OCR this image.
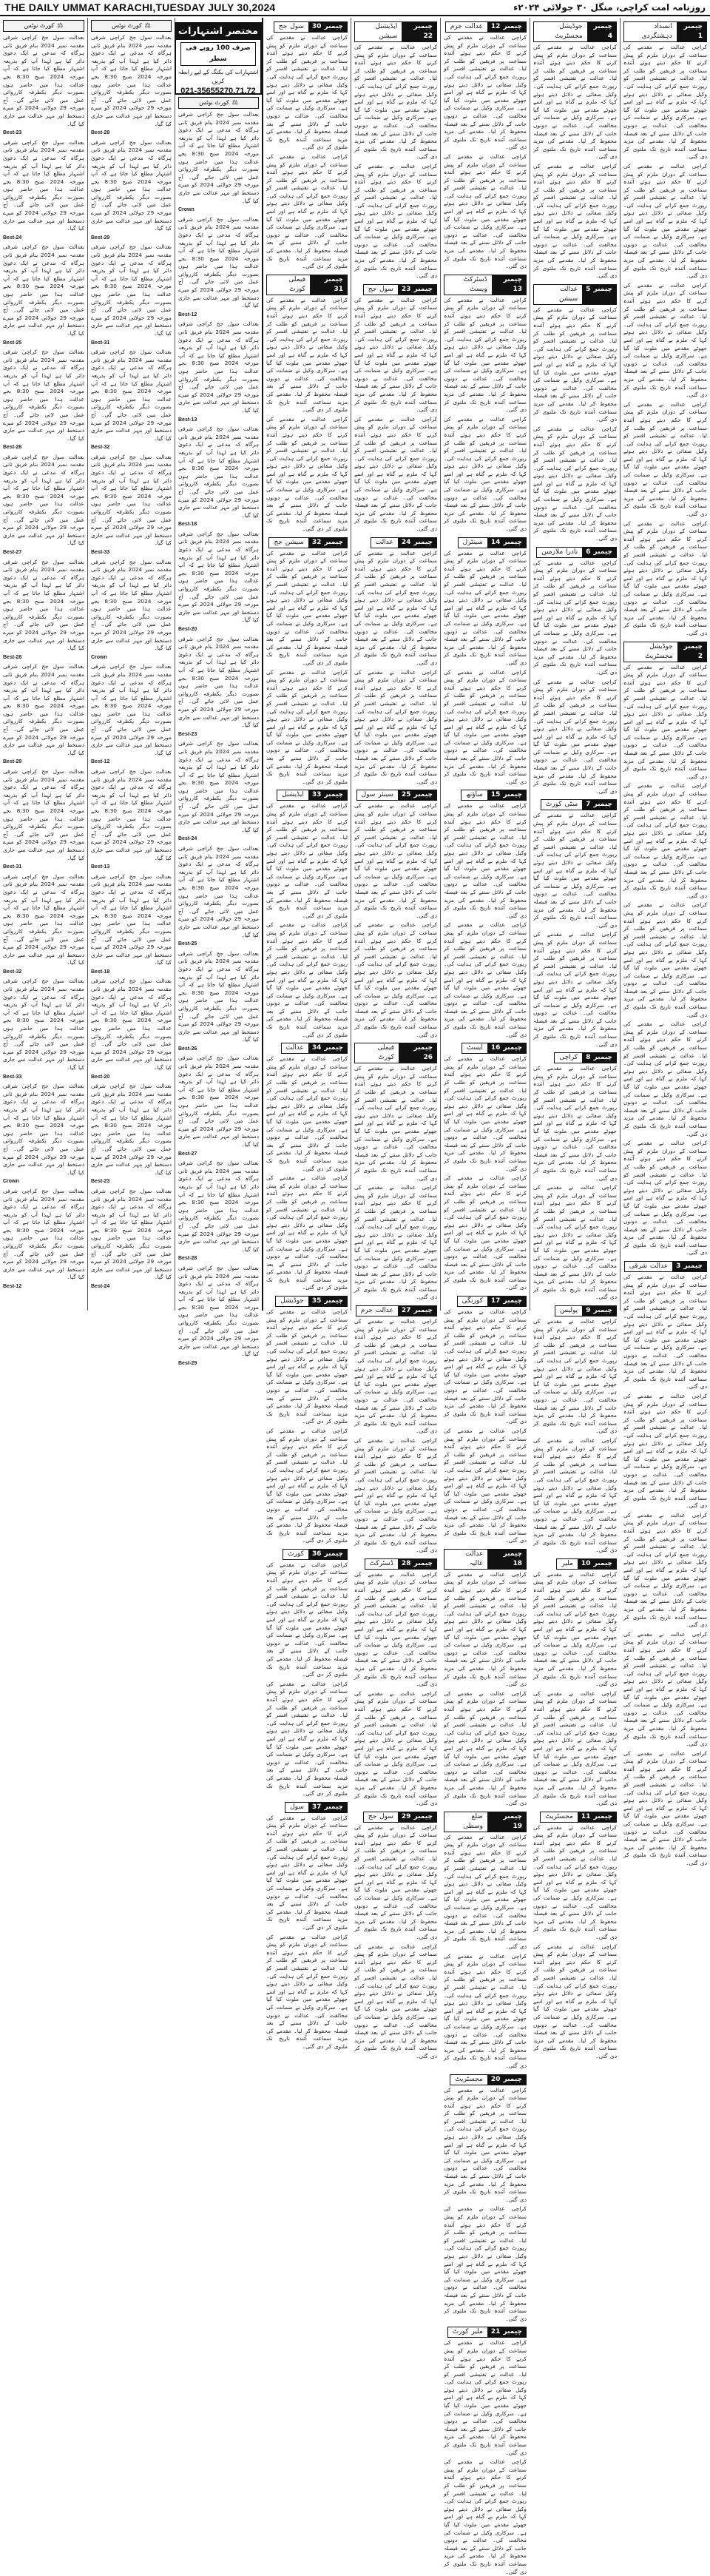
THE DAILY UMMAT KARACHI,TUESDAY JULY 30,2024	روزنامہ امت کراچی، منگل ۳۰ جولائی ۲۰۲۴ء
⚖کورٹ نوٹس

بعدالت سول جج کراچی شرقی مقدمہ نمبر 2024 بنام فریق ثانی ہرگاہ کہ مدعی نے ایک دعویٰ دائر کیا ہے لہذا آپ کو بذریعہ اشتہار مطلع کیا جاتا ہے کہ آپ مورخہ 2024 صبح 8:30 بجے عدالت ہذا میں حاضر ہوں بصورت دیگر یکطرفہ کارروائی عمل میں لائی جائے گی۔ آج مورخہ 29 جولائی 2024 کو میرے دستخط اور مہر عدالت سے جاری کیا گیا۔

Best-23

بعدالت سول جج کراچی شرقی مقدمہ نمبر 2024 بنام فریق ثانی ہرگاہ کہ مدعی نے ایک دعویٰ دائر کیا ہے لہذا آپ کو بذریعہ اشتہار مطلع کیا جاتا ہے کہ آپ مورخہ 2024 صبح 8:30 بجے عدالت ہذا میں حاضر ہوں بصورت دیگر یکطرفہ کارروائی عمل میں لائی جائے گی۔ آج مورخہ 29 جولائی 2024 کو میرے دستخط اور مہر عدالت سے جاری کیا گیا۔

Best-24

بعدالت سول جج کراچی شرقی مقدمہ نمبر 2024 بنام فریق ثانی ہرگاہ کہ مدعی نے ایک دعویٰ دائر کیا ہے لہذا آپ کو بذریعہ اشتہار مطلع کیا جاتا ہے کہ آپ مورخہ 2024 صبح 8:30 بجے عدالت ہذا میں حاضر ہوں بصورت دیگر یکطرفہ کارروائی عمل میں لائی جائے گی۔ آج مورخہ 29 جولائی 2024 کو میرے دستخط اور مہر عدالت سے جاری کیا گیا۔

Best-25

بعدالت سول جج کراچی شرقی مقدمہ نمبر 2024 بنام فریق ثانی ہرگاہ کہ مدعی نے ایک دعویٰ دائر کیا ہے لہذا آپ کو بذریعہ اشتہار مطلع کیا جاتا ہے کہ آپ مورخہ 2024 صبح 8:30 بجے عدالت ہذا میں حاضر ہوں بصورت دیگر یکطرفہ کارروائی عمل میں لائی جائے گی۔ آج مورخہ 29 جولائی 2024 کو میرے دستخط اور مہر عدالت سے جاری کیا گیا۔

Best-26

بعدالت سول جج کراچی شرقی مقدمہ نمبر 2024 بنام فریق ثانی ہرگاہ کہ مدعی نے ایک دعویٰ دائر کیا ہے لہذا آپ کو بذریعہ اشتہار مطلع کیا جاتا ہے کہ آپ مورخہ 2024 صبح 8:30 بجے عدالت ہذا میں حاضر ہوں بصورت دیگر یکطرفہ کارروائی عمل میں لائی جائے گی۔ آج مورخہ 29 جولائی 2024 کو میرے دستخط اور مہر عدالت سے جاری کیا گیا۔

Best-27

بعدالت سول جج کراچی شرقی مقدمہ نمبر 2024 بنام فریق ثانی ہرگاہ کہ مدعی نے ایک دعویٰ دائر کیا ہے لہذا آپ کو بذریعہ اشتہار مطلع کیا جاتا ہے کہ آپ مورخہ 2024 صبح 8:30 بجے عدالت ہذا میں حاضر ہوں بصورت دیگر یکطرفہ کارروائی عمل میں لائی جائے گی۔ آج مورخہ 29 جولائی 2024 کو میرے دستخط اور مہر عدالت سے جاری کیا گیا۔

Best-28

بعدالت سول جج کراچی شرقی مقدمہ نمبر 2024 بنام فریق ثانی ہرگاہ کہ مدعی نے ایک دعویٰ دائر کیا ہے لہذا آپ کو بذریعہ اشتہار مطلع کیا جاتا ہے کہ آپ مورخہ 2024 صبح 8:30 بجے عدالت ہذا میں حاضر ہوں بصورت دیگر یکطرفہ کارروائی عمل میں لائی جائے گی۔ آج مورخہ 29 جولائی 2024 کو میرے دستخط اور مہر عدالت سے جاری کیا گیا۔

Best-29

بعدالت سول جج کراچی شرقی مقدمہ نمبر 2024 بنام فریق ثانی ہرگاہ کہ مدعی نے ایک دعویٰ دائر کیا ہے لہذا آپ کو بذریعہ اشتہار مطلع کیا جاتا ہے کہ آپ مورخہ 2024 صبح 8:30 بجے عدالت ہذا میں حاضر ہوں بصورت دیگر یکطرفہ کارروائی عمل میں لائی جائے گی۔ آج مورخہ 29 جولائی 2024 کو میرے دستخط اور مہر عدالت سے جاری کیا گیا۔

Best-31

بعدالت سول جج کراچی شرقی مقدمہ نمبر 2024 بنام فریق ثانی ہرگاہ کہ مدعی نے ایک دعویٰ دائر کیا ہے لہذا آپ کو بذریعہ اشتہار مطلع کیا جاتا ہے کہ آپ مورخہ 2024 صبح 8:30 بجے عدالت ہذا میں حاضر ہوں بصورت دیگر یکطرفہ کارروائی عمل میں لائی جائے گی۔ آج مورخہ 29 جولائی 2024 کو میرے دستخط اور مہر عدالت سے جاری کیا گیا۔

Best-32

بعدالت سول جج کراچی شرقی مقدمہ نمبر 2024 بنام فریق ثانی ہرگاہ کہ مدعی نے ایک دعویٰ دائر کیا ہے لہذا آپ کو بذریعہ اشتہار مطلع کیا جاتا ہے کہ آپ مورخہ 2024 صبح 8:30 بجے عدالت ہذا میں حاضر ہوں بصورت دیگر یکطرفہ کارروائی عمل میں لائی جائے گی۔ آج مورخہ 29 جولائی 2024 کو میرے دستخط اور مہر عدالت سے جاری کیا گیا۔

Best-33

بعدالت سول جج کراچی شرقی مقدمہ نمبر 2024 بنام فریق ثانی ہرگاہ کہ مدعی نے ایک دعویٰ دائر کیا ہے لہذا آپ کو بذریعہ اشتہار مطلع کیا جاتا ہے کہ آپ مورخہ 2024 صبح 8:30 بجے عدالت ہذا میں حاضر ہوں بصورت دیگر یکطرفہ کارروائی عمل میں لائی جائے گی۔ آج مورخہ 29 جولائی 2024 کو میرے دستخط اور مہر عدالت سے جاری کیا گیا۔

Crown

بعدالت سول جج کراچی شرقی مقدمہ نمبر 2024 بنام فریق ثانی ہرگاہ کہ مدعی نے ایک دعویٰ دائر کیا ہے لہذا آپ کو بذریعہ اشتہار مطلع کیا جاتا ہے کہ آپ مورخہ 2024 صبح 8:30 بجے عدالت ہذا میں حاضر ہوں بصورت دیگر یکطرفہ کارروائی عمل میں لائی جائے گی۔ آج مورخہ 29 جولائی 2024 کو میرے دستخط اور مہر عدالت سے جاری کیا گیا۔

Best-12
⚖کورٹ نوٹس

بعدالت سول جج کراچی شرقی مقدمہ نمبر 2024 بنام فریق ثانی ہرگاہ کہ مدعی نے ایک دعویٰ دائر کیا ہے لہذا آپ کو بذریعہ اشتہار مطلع کیا جاتا ہے کہ آپ مورخہ 2024 صبح 8:30 بجے عدالت ہذا میں حاضر ہوں بصورت دیگر یکطرفہ کارروائی عمل میں لائی جائے گی۔ آج مورخہ 29 جولائی 2024 کو میرے دستخط اور مہر عدالت سے جاری کیا گیا۔

Best-28

بعدالت سول جج کراچی شرقی مقدمہ نمبر 2024 بنام فریق ثانی ہرگاہ کہ مدعی نے ایک دعویٰ دائر کیا ہے لہذا آپ کو بذریعہ اشتہار مطلع کیا جاتا ہے کہ آپ مورخہ 2024 صبح 8:30 بجے عدالت ہذا میں حاضر ہوں بصورت دیگر یکطرفہ کارروائی عمل میں لائی جائے گی۔ آج مورخہ 29 جولائی 2024 کو میرے دستخط اور مہر عدالت سے جاری کیا گیا۔

Best-29

بعدالت سول جج کراچی شرقی مقدمہ نمبر 2024 بنام فریق ثانی ہرگاہ کہ مدعی نے ایک دعویٰ دائر کیا ہے لہذا آپ کو بذریعہ اشتہار مطلع کیا جاتا ہے کہ آپ مورخہ 2024 صبح 8:30 بجے عدالت ہذا میں حاضر ہوں بصورت دیگر یکطرفہ کارروائی عمل میں لائی جائے گی۔ آج مورخہ 29 جولائی 2024 کو میرے دستخط اور مہر عدالت سے جاری کیا گیا۔

Best-31

بعدالت سول جج کراچی شرقی مقدمہ نمبر 2024 بنام فریق ثانی ہرگاہ کہ مدعی نے ایک دعویٰ دائر کیا ہے لہذا آپ کو بذریعہ اشتہار مطلع کیا جاتا ہے کہ آپ مورخہ 2024 صبح 8:30 بجے عدالت ہذا میں حاضر ہوں بصورت دیگر یکطرفہ کارروائی عمل میں لائی جائے گی۔ آج مورخہ 29 جولائی 2024 کو میرے دستخط اور مہر عدالت سے جاری کیا گیا۔

Best-32

بعدالت سول جج کراچی شرقی مقدمہ نمبر 2024 بنام فریق ثانی ہرگاہ کہ مدعی نے ایک دعویٰ دائر کیا ہے لہذا آپ کو بذریعہ اشتہار مطلع کیا جاتا ہے کہ آپ مورخہ 2024 صبح 8:30 بجے عدالت ہذا میں حاضر ہوں بصورت دیگر یکطرفہ کارروائی عمل میں لائی جائے گی۔ آج مورخہ 29 جولائی 2024 کو میرے دستخط اور مہر عدالت سے جاری کیا گیا۔

Best-33

بعدالت سول جج کراچی شرقی مقدمہ نمبر 2024 بنام فریق ثانی ہرگاہ کہ مدعی نے ایک دعویٰ دائر کیا ہے لہذا آپ کو بذریعہ اشتہار مطلع کیا جاتا ہے کہ آپ مورخہ 2024 صبح 8:30 بجے عدالت ہذا میں حاضر ہوں بصورت دیگر یکطرفہ کارروائی عمل میں لائی جائے گی۔ آج مورخہ 29 جولائی 2024 کو میرے دستخط اور مہر عدالت سے جاری کیا گیا۔

Crown

بعدالت سول جج کراچی شرقی مقدمہ نمبر 2024 بنام فریق ثانی ہرگاہ کہ مدعی نے ایک دعویٰ دائر کیا ہے لہذا آپ کو بذریعہ اشتہار مطلع کیا جاتا ہے کہ آپ مورخہ 2024 صبح 8:30 بجے عدالت ہذا میں حاضر ہوں بصورت دیگر یکطرفہ کارروائی عمل میں لائی جائے گی۔ آج مورخہ 29 جولائی 2024 کو میرے دستخط اور مہر عدالت سے جاری کیا گیا۔

Best-12

بعدالت سول جج کراچی شرقی مقدمہ نمبر 2024 بنام فریق ثانی ہرگاہ کہ مدعی نے ایک دعویٰ دائر کیا ہے لہذا آپ کو بذریعہ اشتہار مطلع کیا جاتا ہے کہ آپ مورخہ 2024 صبح 8:30 بجے عدالت ہذا میں حاضر ہوں بصورت دیگر یکطرفہ کارروائی عمل میں لائی جائے گی۔ آج مورخہ 29 جولائی 2024 کو میرے دستخط اور مہر عدالت سے جاری کیا گیا۔

Best-13

بعدالت سول جج کراچی شرقی مقدمہ نمبر 2024 بنام فریق ثانی ہرگاہ کہ مدعی نے ایک دعویٰ دائر کیا ہے لہذا آپ کو بذریعہ اشتہار مطلع کیا جاتا ہے کہ آپ مورخہ 2024 صبح 8:30 بجے عدالت ہذا میں حاضر ہوں بصورت دیگر یکطرفہ کارروائی عمل میں لائی جائے گی۔ آج مورخہ 29 جولائی 2024 کو میرے دستخط اور مہر عدالت سے جاری کیا گیا۔

Best-18

بعدالت سول جج کراچی شرقی مقدمہ نمبر 2024 بنام فریق ثانی ہرگاہ کہ مدعی نے ایک دعویٰ دائر کیا ہے لہذا آپ کو بذریعہ اشتہار مطلع کیا جاتا ہے کہ آپ مورخہ 2024 صبح 8:30 بجے عدالت ہذا میں حاضر ہوں بصورت دیگر یکطرفہ کارروائی عمل میں لائی جائے گی۔ آج مورخہ 29 جولائی 2024 کو میرے دستخط اور مہر عدالت سے جاری کیا گیا۔

Best-20

بعدالت سول جج کراچی شرقی مقدمہ نمبر 2024 بنام فریق ثانی ہرگاہ کہ مدعی نے ایک دعویٰ دائر کیا ہے لہذا آپ کو بذریعہ اشتہار مطلع کیا جاتا ہے کہ آپ مورخہ 2024 صبح 8:30 بجے عدالت ہذا میں حاضر ہوں بصورت دیگر یکطرفہ کارروائی عمل میں لائی جائے گی۔ آج مورخہ 29 جولائی 2024 کو میرے دستخط اور مہر عدالت سے جاری کیا گیا۔

Best-23

بعدالت سول جج کراچی شرقی مقدمہ نمبر 2024 بنام فریق ثانی ہرگاہ کہ مدعی نے ایک دعویٰ دائر کیا ہے لہذا آپ کو بذریعہ اشتہار مطلع کیا جاتا ہے کہ آپ مورخہ 2024 صبح 8:30 بجے عدالت ہذا میں حاضر ہوں بصورت دیگر یکطرفہ کارروائی عمل میں لائی جائے گی۔ آج مورخہ 29 جولائی 2024 کو میرے دستخط اور مہر عدالت سے جاری کیا گیا۔

Best-24
⚖کورٹ نوٹس

بعدالت سول جج کراچی شرقی مقدمہ نمبر 2024 بنام فریق ثانی ہرگاہ کہ مدعی نے ایک دعویٰ دائر کیا ہے لہذا آپ کو بذریعہ اشتہار مطلع کیا جاتا ہے کہ آپ مورخہ 2024 صبح 8:30 بجے عدالت ہذا میں حاضر ہوں بصورت دیگر یکطرفہ کارروائی عمل میں لائی جائے گی۔ آج مورخہ 29 جولائی 2024 کو میرے دستخط اور مہر عدالت سے جاری کیا گیا۔

Crown

بعدالت سول جج کراچی شرقی مقدمہ نمبر 2024 بنام فریق ثانی ہرگاہ کہ مدعی نے ایک دعویٰ دائر کیا ہے لہذا آپ کو بذریعہ اشتہار مطلع کیا جاتا ہے کہ آپ مورخہ 2024 صبح 8:30 بجے عدالت ہذا میں حاضر ہوں بصورت دیگر یکطرفہ کارروائی عمل میں لائی جائے گی۔ آج مورخہ 29 جولائی 2024 کو میرے دستخط اور مہر عدالت سے جاری کیا گیا۔

Best-12

بعدالت سول جج کراچی شرقی مقدمہ نمبر 2024 بنام فریق ثانی ہرگاہ کہ مدعی نے ایک دعویٰ دائر کیا ہے لہذا آپ کو بذریعہ اشتہار مطلع کیا جاتا ہے کہ آپ مورخہ 2024 صبح 8:30 بجے عدالت ہذا میں حاضر ہوں بصورت دیگر یکطرفہ کارروائی عمل میں لائی جائے گی۔ آج مورخہ 29 جولائی 2024 کو میرے دستخط اور مہر عدالت سے جاری کیا گیا۔

Best-13

بعدالت سول جج کراچی شرقی مقدمہ نمبر 2024 بنام فریق ثانی ہرگاہ کہ مدعی نے ایک دعویٰ دائر کیا ہے لہذا آپ کو بذریعہ اشتہار مطلع کیا جاتا ہے کہ آپ مورخہ 2024 صبح 8:30 بجے عدالت ہذا میں حاضر ہوں بصورت دیگر یکطرفہ کارروائی عمل میں لائی جائے گی۔ آج مورخہ 29 جولائی 2024 کو میرے دستخط اور مہر عدالت سے جاری کیا گیا۔

Best-18

بعدالت سول جج کراچی شرقی مقدمہ نمبر 2024 بنام فریق ثانی ہرگاہ کہ مدعی نے ایک دعویٰ دائر کیا ہے لہذا آپ کو بذریعہ اشتہار مطلع کیا جاتا ہے کہ آپ مورخہ 2024 صبح 8:30 بجے عدالت ہذا میں حاضر ہوں بصورت دیگر یکطرفہ کارروائی عمل میں لائی جائے گی۔ آج مورخہ 29 جولائی 2024 کو میرے دستخط اور مہر عدالت سے جاری کیا گیا۔

Best-20

بعدالت سول جج کراچی شرقی مقدمہ نمبر 2024 بنام فریق ثانی ہرگاہ کہ مدعی نے ایک دعویٰ دائر کیا ہے لہذا آپ کو بذریعہ اشتہار مطلع کیا جاتا ہے کہ آپ مورخہ 2024 صبح 8:30 بجے عدالت ہذا میں حاضر ہوں بصورت دیگر یکطرفہ کارروائی عمل میں لائی جائے گی۔ آج مورخہ 29 جولائی 2024 کو میرے دستخط اور مہر عدالت سے جاری کیا گیا۔

Best-23

بعدالت سول جج کراچی شرقی مقدمہ نمبر 2024 بنام فریق ثانی ہرگاہ کہ مدعی نے ایک دعویٰ دائر کیا ہے لہذا آپ کو بذریعہ اشتہار مطلع کیا جاتا ہے کہ آپ مورخہ 2024 صبح 8:30 بجے عدالت ہذا میں حاضر ہوں بصورت دیگر یکطرفہ کارروائی عمل میں لائی جائے گی۔ آج مورخہ 29 جولائی 2024 کو میرے دستخط اور مہر عدالت سے جاری کیا گیا۔

Best-24

بعدالت سول جج کراچی شرقی مقدمہ نمبر 2024 بنام فریق ثانی ہرگاہ کہ مدعی نے ایک دعویٰ دائر کیا ہے لہذا آپ کو بذریعہ اشتہار مطلع کیا جاتا ہے کہ آپ مورخہ 2024 صبح 8:30 بجے عدالت ہذا میں حاضر ہوں بصورت دیگر یکطرفہ کارروائی عمل میں لائی جائے گی۔ آج مورخہ 29 جولائی 2024 کو میرے دستخط اور مہر عدالت سے جاری کیا گیا۔

Best-25

بعدالت سول جج کراچی شرقی مقدمہ نمبر 2024 بنام فریق ثانی ہرگاہ کہ مدعی نے ایک دعویٰ دائر کیا ہے لہذا آپ کو بذریعہ اشتہار مطلع کیا جاتا ہے کہ آپ مورخہ 2024 صبح 8:30 بجے عدالت ہذا میں حاضر ہوں بصورت دیگر یکطرفہ کارروائی عمل میں لائی جائے گی۔ آج مورخہ 29 جولائی 2024 کو میرے دستخط اور مہر عدالت سے جاری کیا گیا۔

Best-26

بعدالت سول جج کراچی شرقی مقدمہ نمبر 2024 بنام فریق ثانی ہرگاہ کہ مدعی نے ایک دعویٰ دائر کیا ہے لہذا آپ کو بذریعہ اشتہار مطلع کیا جاتا ہے کہ آپ مورخہ 2024 صبح 8:30 بجے عدالت ہذا میں حاضر ہوں بصورت دیگر یکطرفہ کارروائی عمل میں لائی جائے گی۔ آج مورخہ 29 جولائی 2024 کو میرے دستخط اور مہر عدالت سے جاری کیا گیا۔

Best-27

بعدالت سول جج کراچی شرقی مقدمہ نمبر 2024 بنام فریق ثانی ہرگاہ کہ مدعی نے ایک دعویٰ دائر کیا ہے لہذا آپ کو بذریعہ اشتہار مطلع کیا جاتا ہے کہ آپ مورخہ 2024 صبح 8:30 بجے عدالت ہذا میں حاضر ہوں بصورت دیگر یکطرفہ کارروائی عمل میں لائی جائے گی۔ آج مورخہ 29 جولائی 2024 کو میرے دستخط اور مہر عدالت سے جاری کیا گیا۔

Best-28

بعدالت سول جج کراچی شرقی مقدمہ نمبر 2024 بنام فریق ثانی ہرگاہ کہ مدعی نے ایک دعویٰ دائر کیا ہے لہذا آپ کو بذریعہ اشتہار مطلع کیا جاتا ہے کہ آپ مورخہ 2024 صبح 8:30 بجے عدالت ہذا میں حاضر ہوں بصورت دیگر یکطرفہ کارروائی عمل میں لائی جائے گی۔ آج مورخہ 29 جولائی 2024 کو میرے دستخط اور مہر عدالت سے جاری کیا گیا۔

Best-29
مختصر اشتہارات
صرف 100 روپے فی سطر
اشتہارات کی بکنگ کے لیے رابطہ کریں
021-35655270,71,72
چیمبر 30
سول جج

کراچی عدالت نے مقدمے کی سماعت کے دوران ملزم کو پیش کرنے کا حکم دیتے ہوئے آئندہ سماعت پر فریقین کو طلب کر لیا۔ عدالت نے تفتیشی افسر کو رپورٹ جمع کرانے کی ہدایت کی۔ وکیل صفائی نے دلائل دیتے ہوئے کہا کہ ملزم بے گناہ ہے اور اسے جھوٹے مقدمے میں ملوث کیا گیا ہے۔ سرکاری وکیل نے ضمانت کی مخالفت کی۔ عدالت نے دونوں جانب کے دلائل سننے کے بعد فیصلہ محفوظ کر لیا۔ مقدمے کی مزید سماعت آئندہ تاریخ تک ملتوی کر دی گئی۔

کراچی عدالت نے مقدمے کی سماعت کے دوران ملزم کو پیش کرنے کا حکم دیتے ہوئے آئندہ سماعت پر فریقین کو طلب کر لیا۔ عدالت نے تفتیشی افسر کو رپورٹ جمع کرانے کی ہدایت کی۔ وکیل صفائی نے دلائل دیتے ہوئے کہا کہ ملزم بے گناہ ہے اور اسے جھوٹے مقدمے میں ملوث کیا گیا ہے۔ سرکاری وکیل نے ضمانت کی مخالفت کی۔ عدالت نے دونوں جانب کے دلائل سننے کے بعد فیصلہ محفوظ کر لیا۔ مقدمے کی مزید سماعت آئندہ تاریخ تک ملتوی کر دی گئی۔

چیمبر 31
فیملی کورٹ

کراچی عدالت نے مقدمے کی سماعت کے دوران ملزم کو پیش کرنے کا حکم دیتے ہوئے آئندہ سماعت پر فریقین کو طلب کر لیا۔ عدالت نے تفتیشی افسر کو رپورٹ جمع کرانے کی ہدایت کی۔ وکیل صفائی نے دلائل دیتے ہوئے کہا کہ ملزم بے گناہ ہے اور اسے جھوٹے مقدمے میں ملوث کیا گیا ہے۔ سرکاری وکیل نے ضمانت کی مخالفت کی۔ عدالت نے دونوں جانب کے دلائل سننے کے بعد فیصلہ محفوظ کر لیا۔ مقدمے کی مزید سماعت آئندہ تاریخ تک ملتوی کر دی گئی۔

کراچی عدالت نے مقدمے کی سماعت کے دوران ملزم کو پیش کرنے کا حکم دیتے ہوئے آئندہ سماعت پر فریقین کو طلب کر لیا۔ عدالت نے تفتیشی افسر کو رپورٹ جمع کرانے کی ہدایت کی۔ وکیل صفائی نے دلائل دیتے ہوئے کہا کہ ملزم بے گناہ ہے اور اسے جھوٹے مقدمے میں ملوث کیا گیا ہے۔ سرکاری وکیل نے ضمانت کی مخالفت کی۔ عدالت نے دونوں جانب کے دلائل سننے کے بعد فیصلہ محفوظ کر لیا۔ مقدمے کی مزید سماعت آئندہ تاریخ تک ملتوی کر دی گئی۔

چیمبر 32
سیشن جج

کراچی عدالت نے مقدمے کی سماعت کے دوران ملزم کو پیش کرنے کا حکم دیتے ہوئے آئندہ سماعت پر فریقین کو طلب کر لیا۔ عدالت نے تفتیشی افسر کو رپورٹ جمع کرانے کی ہدایت کی۔ وکیل صفائی نے دلائل دیتے ہوئے کہا کہ ملزم بے گناہ ہے اور اسے جھوٹے مقدمے میں ملوث کیا گیا ہے۔ سرکاری وکیل نے ضمانت کی مخالفت کی۔ عدالت نے دونوں جانب کے دلائل سننے کے بعد فیصلہ محفوظ کر لیا۔ مقدمے کی مزید سماعت آئندہ تاریخ تک ملتوی کر دی گئی۔

کراچی عدالت نے مقدمے کی سماعت کے دوران ملزم کو پیش کرنے کا حکم دیتے ہوئے آئندہ سماعت پر فریقین کو طلب کر لیا۔ عدالت نے تفتیشی افسر کو رپورٹ جمع کرانے کی ہدایت کی۔ وکیل صفائی نے دلائل دیتے ہوئے کہا کہ ملزم بے گناہ ہے اور اسے جھوٹے مقدمے میں ملوث کیا گیا ہے۔ سرکاری وکیل نے ضمانت کی مخالفت کی۔ عدالت نے دونوں جانب کے دلائل سننے کے بعد فیصلہ محفوظ کر لیا۔ مقدمے کی مزید سماعت آئندہ تاریخ تک ملتوی کر دی گئی۔

چیمبر 33
ایڈیشنل

کراچی عدالت نے مقدمے کی سماعت کے دوران ملزم کو پیش کرنے کا حکم دیتے ہوئے آئندہ سماعت پر فریقین کو طلب کر لیا۔ عدالت نے تفتیشی افسر کو رپورٹ جمع کرانے کی ہدایت کی۔ وکیل صفائی نے دلائل دیتے ہوئے کہا کہ ملزم بے گناہ ہے اور اسے جھوٹے مقدمے میں ملوث کیا گیا ہے۔ سرکاری وکیل نے ضمانت کی مخالفت کی۔ عدالت نے دونوں جانب کے دلائل سننے کے بعد فیصلہ محفوظ کر لیا۔ مقدمے کی مزید سماعت آئندہ تاریخ تک ملتوی کر دی گئی۔

کراچی عدالت نے مقدمے کی سماعت کے دوران ملزم کو پیش کرنے کا حکم دیتے ہوئے آئندہ سماعت پر فریقین کو طلب کر لیا۔ عدالت نے تفتیشی افسر کو رپورٹ جمع کرانے کی ہدایت کی۔ وکیل صفائی نے دلائل دیتے ہوئے کہا کہ ملزم بے گناہ ہے اور اسے جھوٹے مقدمے میں ملوث کیا گیا ہے۔ سرکاری وکیل نے ضمانت کی مخالفت کی۔ عدالت نے دونوں جانب کے دلائل سننے کے بعد فیصلہ محفوظ کر لیا۔ مقدمے کی مزید سماعت آئندہ تاریخ تک ملتوی کر دی گئی۔

چیمبر 34
عدالت

کراچی عدالت نے مقدمے کی سماعت کے دوران ملزم کو پیش کرنے کا حکم دیتے ہوئے آئندہ سماعت پر فریقین کو طلب کر لیا۔ عدالت نے تفتیشی افسر کو رپورٹ جمع کرانے کی ہدایت کی۔ وکیل صفائی نے دلائل دیتے ہوئے کہا کہ ملزم بے گناہ ہے اور اسے جھوٹے مقدمے میں ملوث کیا گیا ہے۔ سرکاری وکیل نے ضمانت کی مخالفت کی۔ عدالت نے دونوں جانب کے دلائل سننے کے بعد فیصلہ محفوظ کر لیا۔ مقدمے کی مزید سماعت آئندہ تاریخ تک ملتوی کر دی گئی۔

کراچی عدالت نے مقدمے کی سماعت کے دوران ملزم کو پیش کرنے کا حکم دیتے ہوئے آئندہ سماعت پر فریقین کو طلب کر لیا۔ عدالت نے تفتیشی افسر کو رپورٹ جمع کرانے کی ہدایت کی۔ وکیل صفائی نے دلائل دیتے ہوئے کہا کہ ملزم بے گناہ ہے اور اسے جھوٹے مقدمے میں ملوث کیا گیا ہے۔ سرکاری وکیل نے ضمانت کی مخالفت کی۔ عدالت نے دونوں جانب کے دلائل سننے کے بعد فیصلہ محفوظ کر لیا۔ مقدمے کی مزید سماعت آئندہ تاریخ تک ملتوی کر دی گئی۔

چیمبر 35
جوڈیشل

کراچی عدالت نے مقدمے کی سماعت کے دوران ملزم کو پیش کرنے کا حکم دیتے ہوئے آئندہ سماعت پر فریقین کو طلب کر لیا۔ عدالت نے تفتیشی افسر کو رپورٹ جمع کرانے کی ہدایت کی۔ وکیل صفائی نے دلائل دیتے ہوئے کہا کہ ملزم بے گناہ ہے اور اسے جھوٹے مقدمے میں ملوث کیا گیا ہے۔ سرکاری وکیل نے ضمانت کی مخالفت کی۔ عدالت نے دونوں جانب کے دلائل سننے کے بعد فیصلہ محفوظ کر لیا۔ مقدمے کی مزید سماعت آئندہ تاریخ تک ملتوی کر دی گئی۔

کراچی عدالت نے مقدمے کی سماعت کے دوران ملزم کو پیش کرنے کا حکم دیتے ہوئے آئندہ سماعت پر فریقین کو طلب کر لیا۔ عدالت نے تفتیشی افسر کو رپورٹ جمع کرانے کی ہدایت کی۔ وکیل صفائی نے دلائل دیتے ہوئے کہا کہ ملزم بے گناہ ہے اور اسے جھوٹے مقدمے میں ملوث کیا گیا ہے۔ سرکاری وکیل نے ضمانت کی مخالفت کی۔ عدالت نے دونوں جانب کے دلائل سننے کے بعد فیصلہ محفوظ کر لیا۔ مقدمے کی مزید سماعت آئندہ تاریخ تک ملتوی کر دی گئی۔

چیمبر 36
کورٹ

کراچی عدالت نے مقدمے کی سماعت کے دوران ملزم کو پیش کرنے کا حکم دیتے ہوئے آئندہ سماعت پر فریقین کو طلب کر لیا۔ عدالت نے تفتیشی افسر کو رپورٹ جمع کرانے کی ہدایت کی۔ وکیل صفائی نے دلائل دیتے ہوئے کہا کہ ملزم بے گناہ ہے اور اسے جھوٹے مقدمے میں ملوث کیا گیا ہے۔ سرکاری وکیل نے ضمانت کی مخالفت کی۔ عدالت نے دونوں جانب کے دلائل سننے کے بعد فیصلہ محفوظ کر لیا۔ مقدمے کی مزید سماعت آئندہ تاریخ تک ملتوی کر دی گئی۔

کراچی عدالت نے مقدمے کی سماعت کے دوران ملزم کو پیش کرنے کا حکم دیتے ہوئے آئندہ سماعت پر فریقین کو طلب کر لیا۔ عدالت نے تفتیشی افسر کو رپورٹ جمع کرانے کی ہدایت کی۔ وکیل صفائی نے دلائل دیتے ہوئے کہا کہ ملزم بے گناہ ہے اور اسے جھوٹے مقدمے میں ملوث کیا گیا ہے۔ سرکاری وکیل نے ضمانت کی مخالفت کی۔ عدالت نے دونوں جانب کے دلائل سننے کے بعد فیصلہ محفوظ کر لیا۔ مقدمے کی مزید سماعت آئندہ تاریخ تک ملتوی کر دی گئی۔

چیمبر 37
سول

کراچی عدالت نے مقدمے کی سماعت کے دوران ملزم کو پیش کرنے کا حکم دیتے ہوئے آئندہ سماعت پر فریقین کو طلب کر لیا۔ عدالت نے تفتیشی افسر کو رپورٹ جمع کرانے کی ہدایت کی۔ وکیل صفائی نے دلائل دیتے ہوئے کہا کہ ملزم بے گناہ ہے اور اسے جھوٹے مقدمے میں ملوث کیا گیا ہے۔ سرکاری وکیل نے ضمانت کی مخالفت کی۔ عدالت نے دونوں جانب کے دلائل سننے کے بعد فیصلہ محفوظ کر لیا۔ مقدمے کی مزید سماعت آئندہ تاریخ تک ملتوی کر دی گئی۔

کراچی عدالت نے مقدمے کی سماعت کے دوران ملزم کو پیش کرنے کا حکم دیتے ہوئے آئندہ سماعت پر فریقین کو طلب کر لیا۔ عدالت نے تفتیشی افسر کو رپورٹ جمع کرانے کی ہدایت کی۔ وکیل صفائی نے دلائل دیتے ہوئے کہا کہ ملزم بے گناہ ہے اور اسے جھوٹے مقدمے میں ملوث کیا گیا ہے۔ سرکاری وکیل نے ضمانت کی مخالفت کی۔ عدالت نے دونوں جانب کے دلائل سننے کے بعد فیصلہ محفوظ کر لیا۔ مقدمے کی مزید سماعت آئندہ تاریخ تک ملتوی کر دی گئی۔

چیمبر 22
ایڈیشنل سیشن

کراچی عدالت نے مقدمے کی سماعت کے دوران ملزم کو پیش کرنے کا حکم دیتے ہوئے آئندہ سماعت پر فریقین کو طلب کر لیا۔ عدالت نے تفتیشی افسر کو رپورٹ جمع کرانے کی ہدایت کی۔ وکیل صفائی نے دلائل دیتے ہوئے کہا کہ ملزم بے گناہ ہے اور اسے جھوٹے مقدمے میں ملوث کیا گیا ہے۔ سرکاری وکیل نے ضمانت کی مخالفت کی۔ عدالت نے دونوں جانب کے دلائل سننے کے بعد فیصلہ محفوظ کر لیا۔ مقدمے کی مزید سماعت آئندہ تاریخ تک ملتوی کر دی گئی۔

کراچی عدالت نے مقدمے کی سماعت کے دوران ملزم کو پیش کرنے کا حکم دیتے ہوئے آئندہ سماعت پر فریقین کو طلب کر لیا۔ عدالت نے تفتیشی افسر کو رپورٹ جمع کرانے کی ہدایت کی۔ وکیل صفائی نے دلائل دیتے ہوئے کہا کہ ملزم بے گناہ ہے اور اسے جھوٹے مقدمے میں ملوث کیا گیا ہے۔ سرکاری وکیل نے ضمانت کی مخالفت کی۔ عدالت نے دونوں جانب کے دلائل سننے کے بعد فیصلہ محفوظ کر لیا۔ مقدمے کی مزید سماعت آئندہ تاریخ تک ملتوی کر دی گئی۔

چیمبر 23
سول جج

کراچی عدالت نے مقدمے کی سماعت کے دوران ملزم کو پیش کرنے کا حکم دیتے ہوئے آئندہ سماعت پر فریقین کو طلب کر لیا۔ عدالت نے تفتیشی افسر کو رپورٹ جمع کرانے کی ہدایت کی۔ وکیل صفائی نے دلائل دیتے ہوئے کہا کہ ملزم بے گناہ ہے اور اسے جھوٹے مقدمے میں ملوث کیا گیا ہے۔ سرکاری وکیل نے ضمانت کی مخالفت کی۔ عدالت نے دونوں جانب کے دلائل سننے کے بعد فیصلہ محفوظ کر لیا۔ مقدمے کی مزید سماعت آئندہ تاریخ تک ملتوی کر دی گئی۔

کراچی عدالت نے مقدمے کی سماعت کے دوران ملزم کو پیش کرنے کا حکم دیتے ہوئے آئندہ سماعت پر فریقین کو طلب کر لیا۔ عدالت نے تفتیشی افسر کو رپورٹ جمع کرانے کی ہدایت کی۔ وکیل صفائی نے دلائل دیتے ہوئے کہا کہ ملزم بے گناہ ہے اور اسے جھوٹے مقدمے میں ملوث کیا گیا ہے۔ سرکاری وکیل نے ضمانت کی مخالفت کی۔ عدالت نے دونوں جانب کے دلائل سننے کے بعد فیصلہ محفوظ کر لیا۔ مقدمے کی مزید سماعت آئندہ تاریخ تک ملتوی کر دی گئی۔

چیمبر 24
عدالت

کراچی عدالت نے مقدمے کی سماعت کے دوران ملزم کو پیش کرنے کا حکم دیتے ہوئے آئندہ سماعت پر فریقین کو طلب کر لیا۔ عدالت نے تفتیشی افسر کو رپورٹ جمع کرانے کی ہدایت کی۔ وکیل صفائی نے دلائل دیتے ہوئے کہا کہ ملزم بے گناہ ہے اور اسے جھوٹے مقدمے میں ملوث کیا گیا ہے۔ سرکاری وکیل نے ضمانت کی مخالفت کی۔ عدالت نے دونوں جانب کے دلائل سننے کے بعد فیصلہ محفوظ کر لیا۔ مقدمے کی مزید سماعت آئندہ تاریخ تک ملتوی کر دی گئی۔

کراچی عدالت نے مقدمے کی سماعت کے دوران ملزم کو پیش کرنے کا حکم دیتے ہوئے آئندہ سماعت پر فریقین کو طلب کر لیا۔ عدالت نے تفتیشی افسر کو رپورٹ جمع کرانے کی ہدایت کی۔ وکیل صفائی نے دلائل دیتے ہوئے کہا کہ ملزم بے گناہ ہے اور اسے جھوٹے مقدمے میں ملوث کیا گیا ہے۔ سرکاری وکیل نے ضمانت کی مخالفت کی۔ عدالت نے دونوں جانب کے دلائل سننے کے بعد فیصلہ محفوظ کر لیا۔ مقدمے کی مزید سماعت آئندہ تاریخ تک ملتوی کر دی گئی۔

چیمبر 25
سینئر سول

کراچی عدالت نے مقدمے کی سماعت کے دوران ملزم کو پیش کرنے کا حکم دیتے ہوئے آئندہ سماعت پر فریقین کو طلب کر لیا۔ عدالت نے تفتیشی افسر کو رپورٹ جمع کرانے کی ہدایت کی۔ وکیل صفائی نے دلائل دیتے ہوئے کہا کہ ملزم بے گناہ ہے اور اسے جھوٹے مقدمے میں ملوث کیا گیا ہے۔ سرکاری وکیل نے ضمانت کی مخالفت کی۔ عدالت نے دونوں جانب کے دلائل سننے کے بعد فیصلہ محفوظ کر لیا۔ مقدمے کی مزید سماعت آئندہ تاریخ تک ملتوی کر دی گئی۔

کراچی عدالت نے مقدمے کی سماعت کے دوران ملزم کو پیش کرنے کا حکم دیتے ہوئے آئندہ سماعت پر فریقین کو طلب کر لیا۔ عدالت نے تفتیشی افسر کو رپورٹ جمع کرانے کی ہدایت کی۔ وکیل صفائی نے دلائل دیتے ہوئے کہا کہ ملزم بے گناہ ہے اور اسے جھوٹے مقدمے میں ملوث کیا گیا ہے۔ سرکاری وکیل نے ضمانت کی مخالفت کی۔ عدالت نے دونوں جانب کے دلائل سننے کے بعد فیصلہ محفوظ کر لیا۔ مقدمے کی مزید سماعت آئندہ تاریخ تک ملتوی کر دی گئی۔

چیمبر 26
فیملی کورٹ

کراچی عدالت نے مقدمے کی سماعت کے دوران ملزم کو پیش کرنے کا حکم دیتے ہوئے آئندہ سماعت پر فریقین کو طلب کر لیا۔ عدالت نے تفتیشی افسر کو رپورٹ جمع کرانے کی ہدایت کی۔ وکیل صفائی نے دلائل دیتے ہوئے کہا کہ ملزم بے گناہ ہے اور اسے جھوٹے مقدمے میں ملوث کیا گیا ہے۔ سرکاری وکیل نے ضمانت کی مخالفت کی۔ عدالت نے دونوں جانب کے دلائل سننے کے بعد فیصلہ محفوظ کر لیا۔ مقدمے کی مزید سماعت آئندہ تاریخ تک ملتوی کر دی گئی۔

کراچی عدالت نے مقدمے کی سماعت کے دوران ملزم کو پیش کرنے کا حکم دیتے ہوئے آئندہ سماعت پر فریقین کو طلب کر لیا۔ عدالت نے تفتیشی افسر کو رپورٹ جمع کرانے کی ہدایت کی۔ وکیل صفائی نے دلائل دیتے ہوئے کہا کہ ملزم بے گناہ ہے اور اسے جھوٹے مقدمے میں ملوث کیا گیا ہے۔ سرکاری وکیل نے ضمانت کی مخالفت کی۔ عدالت نے دونوں جانب کے دلائل سننے کے بعد فیصلہ محفوظ کر لیا۔ مقدمے کی مزید سماعت آئندہ تاریخ تک ملتوی کر دی گئی۔

چیمبر 27
عدالت جرم

کراچی عدالت نے مقدمے کی سماعت کے دوران ملزم کو پیش کرنے کا حکم دیتے ہوئے آئندہ سماعت پر فریقین کو طلب کر لیا۔ عدالت نے تفتیشی افسر کو رپورٹ جمع کرانے کی ہدایت کی۔ وکیل صفائی نے دلائل دیتے ہوئے کہا کہ ملزم بے گناہ ہے اور اسے جھوٹے مقدمے میں ملوث کیا گیا ہے۔ سرکاری وکیل نے ضمانت کی مخالفت کی۔ عدالت نے دونوں جانب کے دلائل سننے کے بعد فیصلہ محفوظ کر لیا۔ مقدمے کی مزید سماعت آئندہ تاریخ تک ملتوی کر دی گئی۔

کراچی عدالت نے مقدمے کی سماعت کے دوران ملزم کو پیش کرنے کا حکم دیتے ہوئے آئندہ سماعت پر فریقین کو طلب کر لیا۔ عدالت نے تفتیشی افسر کو رپورٹ جمع کرانے کی ہدایت کی۔ وکیل صفائی نے دلائل دیتے ہوئے کہا کہ ملزم بے گناہ ہے اور اسے جھوٹے مقدمے میں ملوث کیا گیا ہے۔ سرکاری وکیل نے ضمانت کی مخالفت کی۔ عدالت نے دونوں جانب کے دلائل سننے کے بعد فیصلہ محفوظ کر لیا۔ مقدمے کی مزید سماعت آئندہ تاریخ تک ملتوی کر دی گئی۔

چیمبر 28
ڈسٹرکٹ

کراچی عدالت نے مقدمے کی سماعت کے دوران ملزم کو پیش کرنے کا حکم دیتے ہوئے آئندہ سماعت پر فریقین کو طلب کر لیا۔ عدالت نے تفتیشی افسر کو رپورٹ جمع کرانے کی ہدایت کی۔ وکیل صفائی نے دلائل دیتے ہوئے کہا کہ ملزم بے گناہ ہے اور اسے جھوٹے مقدمے میں ملوث کیا گیا ہے۔ سرکاری وکیل نے ضمانت کی مخالفت کی۔ عدالت نے دونوں جانب کے دلائل سننے کے بعد فیصلہ محفوظ کر لیا۔ مقدمے کی مزید سماعت آئندہ تاریخ تک ملتوی کر دی گئی۔

کراچی عدالت نے مقدمے کی سماعت کے دوران ملزم کو پیش کرنے کا حکم دیتے ہوئے آئندہ سماعت پر فریقین کو طلب کر لیا۔ عدالت نے تفتیشی افسر کو رپورٹ جمع کرانے کی ہدایت کی۔ وکیل صفائی نے دلائل دیتے ہوئے کہا کہ ملزم بے گناہ ہے اور اسے جھوٹے مقدمے میں ملوث کیا گیا ہے۔ سرکاری وکیل نے ضمانت کی مخالفت کی۔ عدالت نے دونوں جانب کے دلائل سننے کے بعد فیصلہ محفوظ کر لیا۔ مقدمے کی مزید سماعت آئندہ تاریخ تک ملتوی کر دی گئی۔

چیمبر 29
سول جج

کراچی عدالت نے مقدمے کی سماعت کے دوران ملزم کو پیش کرنے کا حکم دیتے ہوئے آئندہ سماعت پر فریقین کو طلب کر لیا۔ عدالت نے تفتیشی افسر کو رپورٹ جمع کرانے کی ہدایت کی۔ وکیل صفائی نے دلائل دیتے ہوئے کہا کہ ملزم بے گناہ ہے اور اسے جھوٹے مقدمے میں ملوث کیا گیا ہے۔ سرکاری وکیل نے ضمانت کی مخالفت کی۔ عدالت نے دونوں جانب کے دلائل سننے کے بعد فیصلہ محفوظ کر لیا۔ مقدمے کی مزید سماعت آئندہ تاریخ تک ملتوی کر دی گئی۔

کراچی عدالت نے مقدمے کی سماعت کے دوران ملزم کو پیش کرنے کا حکم دیتے ہوئے آئندہ سماعت پر فریقین کو طلب کر لیا۔ عدالت نے تفتیشی افسر کو رپورٹ جمع کرانے کی ہدایت کی۔ وکیل صفائی نے دلائل دیتے ہوئے کہا کہ ملزم بے گناہ ہے اور اسے جھوٹے مقدمے میں ملوث کیا گیا ہے۔ سرکاری وکیل نے ضمانت کی مخالفت کی۔ عدالت نے دونوں جانب کے دلائل سننے کے بعد فیصلہ محفوظ کر لیا۔ مقدمے کی مزید سماعت آئندہ تاریخ تک ملتوی کر دی گئی۔

چیمبر 12
عدالت جرم

کراچی عدالت نے مقدمے کی سماعت کے دوران ملزم کو پیش کرنے کا حکم دیتے ہوئے آئندہ سماعت پر فریقین کو طلب کر لیا۔ عدالت نے تفتیشی افسر کو رپورٹ جمع کرانے کی ہدایت کی۔ وکیل صفائی نے دلائل دیتے ہوئے کہا کہ ملزم بے گناہ ہے اور اسے جھوٹے مقدمے میں ملوث کیا گیا ہے۔ سرکاری وکیل نے ضمانت کی مخالفت کی۔ عدالت نے دونوں جانب کے دلائل سننے کے بعد فیصلہ محفوظ کر لیا۔ مقدمے کی مزید سماعت آئندہ تاریخ تک ملتوی کر دی گئی۔

کراچی عدالت نے مقدمے کی سماعت کے دوران ملزم کو پیش کرنے کا حکم دیتے ہوئے آئندہ سماعت پر فریقین کو طلب کر لیا۔ عدالت نے تفتیشی افسر کو رپورٹ جمع کرانے کی ہدایت کی۔ وکیل صفائی نے دلائل دیتے ہوئے کہا کہ ملزم بے گناہ ہے اور اسے جھوٹے مقدمے میں ملوث کیا گیا ہے۔ سرکاری وکیل نے ضمانت کی مخالفت کی۔ عدالت نے دونوں جانب کے دلائل سننے کے بعد فیصلہ محفوظ کر لیا۔ مقدمے کی مزید سماعت آئندہ تاریخ تک ملتوی کر دی گئی۔

چیمبر 13
ڈسٹرکٹ ویسٹ

کراچی عدالت نے مقدمے کی سماعت کے دوران ملزم کو پیش کرنے کا حکم دیتے ہوئے آئندہ سماعت پر فریقین کو طلب کر لیا۔ عدالت نے تفتیشی افسر کو رپورٹ جمع کرانے کی ہدایت کی۔ وکیل صفائی نے دلائل دیتے ہوئے کہا کہ ملزم بے گناہ ہے اور اسے جھوٹے مقدمے میں ملوث کیا گیا ہے۔ سرکاری وکیل نے ضمانت کی مخالفت کی۔ عدالت نے دونوں جانب کے دلائل سننے کے بعد فیصلہ محفوظ کر لیا۔ مقدمے کی مزید سماعت آئندہ تاریخ تک ملتوی کر دی گئی۔

کراچی عدالت نے مقدمے کی سماعت کے دوران ملزم کو پیش کرنے کا حکم دیتے ہوئے آئندہ سماعت پر فریقین کو طلب کر لیا۔ عدالت نے تفتیشی افسر کو رپورٹ جمع کرانے کی ہدایت کی۔ وکیل صفائی نے دلائل دیتے ہوئے کہا کہ ملزم بے گناہ ہے اور اسے جھوٹے مقدمے میں ملوث کیا گیا ہے۔ سرکاری وکیل نے ضمانت کی مخالفت کی۔ عدالت نے دونوں جانب کے دلائل سننے کے بعد فیصلہ محفوظ کر لیا۔ مقدمے کی مزید سماعت آئندہ تاریخ تک ملتوی کر دی گئی۔

چیمبر 14
سینٹرل

کراچی عدالت نے مقدمے کی سماعت کے دوران ملزم کو پیش کرنے کا حکم دیتے ہوئے آئندہ سماعت پر فریقین کو طلب کر لیا۔ عدالت نے تفتیشی افسر کو رپورٹ جمع کرانے کی ہدایت کی۔ وکیل صفائی نے دلائل دیتے ہوئے کہا کہ ملزم بے گناہ ہے اور اسے جھوٹے مقدمے میں ملوث کیا گیا ہے۔ سرکاری وکیل نے ضمانت کی مخالفت کی۔ عدالت نے دونوں جانب کے دلائل سننے کے بعد فیصلہ محفوظ کر لیا۔ مقدمے کی مزید سماعت آئندہ تاریخ تک ملتوی کر دی گئی۔

کراچی عدالت نے مقدمے کی سماعت کے دوران ملزم کو پیش کرنے کا حکم دیتے ہوئے آئندہ سماعت پر فریقین کو طلب کر لیا۔ عدالت نے تفتیشی افسر کو رپورٹ جمع کرانے کی ہدایت کی۔ وکیل صفائی نے دلائل دیتے ہوئے کہا کہ ملزم بے گناہ ہے اور اسے جھوٹے مقدمے میں ملوث کیا گیا ہے۔ سرکاری وکیل نے ضمانت کی مخالفت کی۔ عدالت نے دونوں جانب کے دلائل سننے کے بعد فیصلہ محفوظ کر لیا۔ مقدمے کی مزید سماعت آئندہ تاریخ تک ملتوی کر دی گئی۔

چیمبر 15
ساؤتھ

کراچی عدالت نے مقدمے کی سماعت کے دوران ملزم کو پیش کرنے کا حکم دیتے ہوئے آئندہ سماعت پر فریقین کو طلب کر لیا۔ عدالت نے تفتیشی افسر کو رپورٹ جمع کرانے کی ہدایت کی۔ وکیل صفائی نے دلائل دیتے ہوئے کہا کہ ملزم بے گناہ ہے اور اسے جھوٹے مقدمے میں ملوث کیا گیا ہے۔ سرکاری وکیل نے ضمانت کی مخالفت کی۔ عدالت نے دونوں جانب کے دلائل سننے کے بعد فیصلہ محفوظ کر لیا۔ مقدمے کی مزید سماعت آئندہ تاریخ تک ملتوی کر دی گئی۔

کراچی عدالت نے مقدمے کی سماعت کے دوران ملزم کو پیش کرنے کا حکم دیتے ہوئے آئندہ سماعت پر فریقین کو طلب کر لیا۔ عدالت نے تفتیشی افسر کو رپورٹ جمع کرانے کی ہدایت کی۔ وکیل صفائی نے دلائل دیتے ہوئے کہا کہ ملزم بے گناہ ہے اور اسے جھوٹے مقدمے میں ملوث کیا گیا ہے۔ سرکاری وکیل نے ضمانت کی مخالفت کی۔ عدالت نے دونوں جانب کے دلائل سننے کے بعد فیصلہ محفوظ کر لیا۔ مقدمے کی مزید سماعت آئندہ تاریخ تک ملتوی کر دی گئی۔

چیمبر 16
ایسٹ

کراچی عدالت نے مقدمے کی سماعت کے دوران ملزم کو پیش کرنے کا حکم دیتے ہوئے آئندہ سماعت پر فریقین کو طلب کر لیا۔ عدالت نے تفتیشی افسر کو رپورٹ جمع کرانے کی ہدایت کی۔ وکیل صفائی نے دلائل دیتے ہوئے کہا کہ ملزم بے گناہ ہے اور اسے جھوٹے مقدمے میں ملوث کیا گیا ہے۔ سرکاری وکیل نے ضمانت کی مخالفت کی۔ عدالت نے دونوں جانب کے دلائل سننے کے بعد فیصلہ محفوظ کر لیا۔ مقدمے کی مزید سماعت آئندہ تاریخ تک ملتوی کر دی گئی۔

کراچی عدالت نے مقدمے کی سماعت کے دوران ملزم کو پیش کرنے کا حکم دیتے ہوئے آئندہ سماعت پر فریقین کو طلب کر لیا۔ عدالت نے تفتیشی افسر کو رپورٹ جمع کرانے کی ہدایت کی۔ وکیل صفائی نے دلائل دیتے ہوئے کہا کہ ملزم بے گناہ ہے اور اسے جھوٹے مقدمے میں ملوث کیا گیا ہے۔ سرکاری وکیل نے ضمانت کی مخالفت کی۔ عدالت نے دونوں جانب کے دلائل سننے کے بعد فیصلہ محفوظ کر لیا۔ مقدمے کی مزید سماعت آئندہ تاریخ تک ملتوی کر دی گئی۔

چیمبر 17
کورنگی

کراچی عدالت نے مقدمے کی سماعت کے دوران ملزم کو پیش کرنے کا حکم دیتے ہوئے آئندہ سماعت پر فریقین کو طلب کر لیا۔ عدالت نے تفتیشی افسر کو رپورٹ جمع کرانے کی ہدایت کی۔ وکیل صفائی نے دلائل دیتے ہوئے کہا کہ ملزم بے گناہ ہے اور اسے جھوٹے مقدمے میں ملوث کیا گیا ہے۔ سرکاری وکیل نے ضمانت کی مخالفت کی۔ عدالت نے دونوں جانب کے دلائل سننے کے بعد فیصلہ محفوظ کر لیا۔ مقدمے کی مزید سماعت آئندہ تاریخ تک ملتوی کر دی گئی۔

کراچی عدالت نے مقدمے کی سماعت کے دوران ملزم کو پیش کرنے کا حکم دیتے ہوئے آئندہ سماعت پر فریقین کو طلب کر لیا۔ عدالت نے تفتیشی افسر کو رپورٹ جمع کرانے کی ہدایت کی۔ وکیل صفائی نے دلائل دیتے ہوئے کہا کہ ملزم بے گناہ ہے اور اسے جھوٹے مقدمے میں ملوث کیا گیا ہے۔ سرکاری وکیل نے ضمانت کی مخالفت کی۔ عدالت نے دونوں جانب کے دلائل سننے کے بعد فیصلہ محفوظ کر لیا۔ مقدمے کی مزید سماعت آئندہ تاریخ تک ملتوی کر دی گئی۔

چیمبر 18
عدالت عالیہ

کراچی عدالت نے مقدمے کی سماعت کے دوران ملزم کو پیش کرنے کا حکم دیتے ہوئے آئندہ سماعت پر فریقین کو طلب کر لیا۔ عدالت نے تفتیشی افسر کو رپورٹ جمع کرانے کی ہدایت کی۔ وکیل صفائی نے دلائل دیتے ہوئے کہا کہ ملزم بے گناہ ہے اور اسے جھوٹے مقدمے میں ملوث کیا گیا ہے۔ سرکاری وکیل نے ضمانت کی مخالفت کی۔ عدالت نے دونوں جانب کے دلائل سننے کے بعد فیصلہ محفوظ کر لیا۔ مقدمے کی مزید سماعت آئندہ تاریخ تک ملتوی کر دی گئی۔

کراچی عدالت نے مقدمے کی سماعت کے دوران ملزم کو پیش کرنے کا حکم دیتے ہوئے آئندہ سماعت پر فریقین کو طلب کر لیا۔ عدالت نے تفتیشی افسر کو رپورٹ جمع کرانے کی ہدایت کی۔ وکیل صفائی نے دلائل دیتے ہوئے کہا کہ ملزم بے گناہ ہے اور اسے جھوٹے مقدمے میں ملوث کیا گیا ہے۔ سرکاری وکیل نے ضمانت کی مخالفت کی۔ عدالت نے دونوں جانب کے دلائل سننے کے بعد فیصلہ محفوظ کر لیا۔ مقدمے کی مزید سماعت آئندہ تاریخ تک ملتوی کر دی گئی۔

چیمبر 19
ضلع وسطی

کراچی عدالت نے مقدمے کی سماعت کے دوران ملزم کو پیش کرنے کا حکم دیتے ہوئے آئندہ سماعت پر فریقین کو طلب کر لیا۔ عدالت نے تفتیشی افسر کو رپورٹ جمع کرانے کی ہدایت کی۔ وکیل صفائی نے دلائل دیتے ہوئے کہا کہ ملزم بے گناہ ہے اور اسے جھوٹے مقدمے میں ملوث کیا گیا ہے۔ سرکاری وکیل نے ضمانت کی مخالفت کی۔ عدالت نے دونوں جانب کے دلائل سننے کے بعد فیصلہ محفوظ کر لیا۔ مقدمے کی مزید سماعت آئندہ تاریخ تک ملتوی کر دی گئی۔

کراچی عدالت نے مقدمے کی سماعت کے دوران ملزم کو پیش کرنے کا حکم دیتے ہوئے آئندہ سماعت پر فریقین کو طلب کر لیا۔ عدالت نے تفتیشی افسر کو رپورٹ جمع کرانے کی ہدایت کی۔ وکیل صفائی نے دلائل دیتے ہوئے کہا کہ ملزم بے گناہ ہے اور اسے جھوٹے مقدمے میں ملوث کیا گیا ہے۔ سرکاری وکیل نے ضمانت کی مخالفت کی۔ عدالت نے دونوں جانب کے دلائل سننے کے بعد فیصلہ محفوظ کر لیا۔ مقدمے کی مزید سماعت آئندہ تاریخ تک ملتوی کر دی گئی۔

چیمبر 20
مجسٹریٹ

کراچی عدالت نے مقدمے کی سماعت کے دوران ملزم کو پیش کرنے کا حکم دیتے ہوئے آئندہ سماعت پر فریقین کو طلب کر لیا۔ عدالت نے تفتیشی افسر کو رپورٹ جمع کرانے کی ہدایت کی۔ وکیل صفائی نے دلائل دیتے ہوئے کہا کہ ملزم بے گناہ ہے اور اسے جھوٹے مقدمے میں ملوث کیا گیا ہے۔ سرکاری وکیل نے ضمانت کی مخالفت کی۔ عدالت نے دونوں جانب کے دلائل سننے کے بعد فیصلہ محفوظ کر لیا۔ مقدمے کی مزید سماعت آئندہ تاریخ تک ملتوی کر دی گئی۔

کراچی عدالت نے مقدمے کی سماعت کے دوران ملزم کو پیش کرنے کا حکم دیتے ہوئے آئندہ سماعت پر فریقین کو طلب کر لیا۔ عدالت نے تفتیشی افسر کو رپورٹ جمع کرانے کی ہدایت کی۔ وکیل صفائی نے دلائل دیتے ہوئے کہا کہ ملزم بے گناہ ہے اور اسے جھوٹے مقدمے میں ملوث کیا گیا ہے۔ سرکاری وکیل نے ضمانت کی مخالفت کی۔ عدالت نے دونوں جانب کے دلائل سننے کے بعد فیصلہ محفوظ کر لیا۔ مقدمے کی مزید سماعت آئندہ تاریخ تک ملتوی کر دی گئی۔

چیمبر 21
ملیر کورٹ

کراچی عدالت نے مقدمے کی سماعت کے دوران ملزم کو پیش کرنے کا حکم دیتے ہوئے آئندہ سماعت پر فریقین کو طلب کر لیا۔ عدالت نے تفتیشی افسر کو رپورٹ جمع کرانے کی ہدایت کی۔ وکیل صفائی نے دلائل دیتے ہوئے کہا کہ ملزم بے گناہ ہے اور اسے جھوٹے مقدمے میں ملوث کیا گیا ہے۔ سرکاری وکیل نے ضمانت کی مخالفت کی۔ عدالت نے دونوں جانب کے دلائل سننے کے بعد فیصلہ محفوظ کر لیا۔ مقدمے کی مزید سماعت آئندہ تاریخ تک ملتوی کر دی گئی۔

کراچی عدالت نے مقدمے کی سماعت کے دوران ملزم کو پیش کرنے کا حکم دیتے ہوئے آئندہ سماعت پر فریقین کو طلب کر لیا۔ عدالت نے تفتیشی افسر کو رپورٹ جمع کرانے کی ہدایت کی۔ وکیل صفائی نے دلائل دیتے ہوئے کہا کہ ملزم بے گناہ ہے اور اسے جھوٹے مقدمے میں ملوث کیا گیا ہے۔ سرکاری وکیل نے ضمانت کی مخالفت کی۔ عدالت نے دونوں جانب کے دلائل سننے کے بعد فیصلہ محفوظ کر لیا۔ مقدمے کی مزید سماعت آئندہ تاریخ تک ملتوی کر دی گئی۔

چیمبر 4
جوڈیشل مجسٹریٹ

کراچی عدالت نے مقدمے کی سماعت کے دوران ملزم کو پیش کرنے کا حکم دیتے ہوئے آئندہ سماعت پر فریقین کو طلب کر لیا۔ عدالت نے تفتیشی افسر کو رپورٹ جمع کرانے کی ہدایت کی۔ وکیل صفائی نے دلائل دیتے ہوئے کہا کہ ملزم بے گناہ ہے اور اسے جھوٹے مقدمے میں ملوث کیا گیا ہے۔ سرکاری وکیل نے ضمانت کی مخالفت کی۔ عدالت نے دونوں جانب کے دلائل سننے کے بعد فیصلہ محفوظ کر لیا۔ مقدمے کی مزید سماعت آئندہ تاریخ تک ملتوی کر دی گئی۔

کراچی عدالت نے مقدمے کی سماعت کے دوران ملزم کو پیش کرنے کا حکم دیتے ہوئے آئندہ سماعت پر فریقین کو طلب کر لیا۔ عدالت نے تفتیشی افسر کو رپورٹ جمع کرانے کی ہدایت کی۔ وکیل صفائی نے دلائل دیتے ہوئے کہا کہ ملزم بے گناہ ہے اور اسے جھوٹے مقدمے میں ملوث کیا گیا ہے۔ سرکاری وکیل نے ضمانت کی مخالفت کی۔ عدالت نے دونوں جانب کے دلائل سننے کے بعد فیصلہ محفوظ کر لیا۔ مقدمے کی مزید سماعت آئندہ تاریخ تک ملتوی کر دی گئی۔

چیمبر 5
عدالت سیشن

کراچی عدالت نے مقدمے کی سماعت کے دوران ملزم کو پیش کرنے کا حکم دیتے ہوئے آئندہ سماعت پر فریقین کو طلب کر لیا۔ عدالت نے تفتیشی افسر کو رپورٹ جمع کرانے کی ہدایت کی۔ وکیل صفائی نے دلائل دیتے ہوئے کہا کہ ملزم بے گناہ ہے اور اسے جھوٹے مقدمے میں ملوث کیا گیا ہے۔ سرکاری وکیل نے ضمانت کی مخالفت کی۔ عدالت نے دونوں جانب کے دلائل سننے کے بعد فیصلہ محفوظ کر لیا۔ مقدمے کی مزید سماعت آئندہ تاریخ تک ملتوی کر دی گئی۔

کراچی عدالت نے مقدمے کی سماعت کے دوران ملزم کو پیش کرنے کا حکم دیتے ہوئے آئندہ سماعت پر فریقین کو طلب کر لیا۔ عدالت نے تفتیشی افسر کو رپورٹ جمع کرانے کی ہدایت کی۔ وکیل صفائی نے دلائل دیتے ہوئے کہا کہ ملزم بے گناہ ہے اور اسے جھوٹے مقدمے میں ملوث کیا گیا ہے۔ سرکاری وکیل نے ضمانت کی مخالفت کی۔ عدالت نے دونوں جانب کے دلائل سننے کے بعد فیصلہ محفوظ کر لیا۔ مقدمے کی مزید سماعت آئندہ تاریخ تک ملتوی کر دی گئی۔

چیمبر 6
نادرا ملازمین

کراچی عدالت نے مقدمے کی سماعت کے دوران ملزم کو پیش کرنے کا حکم دیتے ہوئے آئندہ سماعت پر فریقین کو طلب کر لیا۔ عدالت نے تفتیشی افسر کو رپورٹ جمع کرانے کی ہدایت کی۔ وکیل صفائی نے دلائل دیتے ہوئے کہا کہ ملزم بے گناہ ہے اور اسے جھوٹے مقدمے میں ملوث کیا گیا ہے۔ سرکاری وکیل نے ضمانت کی مخالفت کی۔ عدالت نے دونوں جانب کے دلائل سننے کے بعد فیصلہ محفوظ کر لیا۔ مقدمے کی مزید سماعت آئندہ تاریخ تک ملتوی کر دی گئی۔

کراچی عدالت نے مقدمے کی سماعت کے دوران ملزم کو پیش کرنے کا حکم دیتے ہوئے آئندہ سماعت پر فریقین کو طلب کر لیا۔ عدالت نے تفتیشی افسر کو رپورٹ جمع کرانے کی ہدایت کی۔ وکیل صفائی نے دلائل دیتے ہوئے کہا کہ ملزم بے گناہ ہے اور اسے جھوٹے مقدمے میں ملوث کیا گیا ہے۔ سرکاری وکیل نے ضمانت کی مخالفت کی۔ عدالت نے دونوں جانب کے دلائل سننے کے بعد فیصلہ محفوظ کر لیا۔ مقدمے کی مزید سماعت آئندہ تاریخ تک ملتوی کر دی گئی۔

چیمبر 7
سٹی کورٹ

کراچی عدالت نے مقدمے کی سماعت کے دوران ملزم کو پیش کرنے کا حکم دیتے ہوئے آئندہ سماعت پر فریقین کو طلب کر لیا۔ عدالت نے تفتیشی افسر کو رپورٹ جمع کرانے کی ہدایت کی۔ وکیل صفائی نے دلائل دیتے ہوئے کہا کہ ملزم بے گناہ ہے اور اسے جھوٹے مقدمے میں ملوث کیا گیا ہے۔ سرکاری وکیل نے ضمانت کی مخالفت کی۔ عدالت نے دونوں جانب کے دلائل سننے کے بعد فیصلہ محفوظ کر لیا۔ مقدمے کی مزید سماعت آئندہ تاریخ تک ملتوی کر دی گئی۔

کراچی عدالت نے مقدمے کی سماعت کے دوران ملزم کو پیش کرنے کا حکم دیتے ہوئے آئندہ سماعت پر فریقین کو طلب کر لیا۔ عدالت نے تفتیشی افسر کو رپورٹ جمع کرانے کی ہدایت کی۔ وکیل صفائی نے دلائل دیتے ہوئے کہا کہ ملزم بے گناہ ہے اور اسے جھوٹے مقدمے میں ملوث کیا گیا ہے۔ سرکاری وکیل نے ضمانت کی مخالفت کی۔ عدالت نے دونوں جانب کے دلائل سننے کے بعد فیصلہ محفوظ کر لیا۔ مقدمے کی مزید سماعت آئندہ تاریخ تک ملتوی کر دی گئی۔

چیمبر 8
کراچی

کراچی عدالت نے مقدمے کی سماعت کے دوران ملزم کو پیش کرنے کا حکم دیتے ہوئے آئندہ سماعت پر فریقین کو طلب کر لیا۔ عدالت نے تفتیشی افسر کو رپورٹ جمع کرانے کی ہدایت کی۔ وکیل صفائی نے دلائل دیتے ہوئے کہا کہ ملزم بے گناہ ہے اور اسے جھوٹے مقدمے میں ملوث کیا گیا ہے۔ سرکاری وکیل نے ضمانت کی مخالفت کی۔ عدالت نے دونوں جانب کے دلائل سننے کے بعد فیصلہ محفوظ کر لیا۔ مقدمے کی مزید سماعت آئندہ تاریخ تک ملتوی کر دی گئی۔

کراچی عدالت نے مقدمے کی سماعت کے دوران ملزم کو پیش کرنے کا حکم دیتے ہوئے آئندہ سماعت پر فریقین کو طلب کر لیا۔ عدالت نے تفتیشی افسر کو رپورٹ جمع کرانے کی ہدایت کی۔ وکیل صفائی نے دلائل دیتے ہوئے کہا کہ ملزم بے گناہ ہے اور اسے جھوٹے مقدمے میں ملوث کیا گیا ہے۔ سرکاری وکیل نے ضمانت کی مخالفت کی۔ عدالت نے دونوں جانب کے دلائل سننے کے بعد فیصلہ محفوظ کر لیا۔ مقدمے کی مزید سماعت آئندہ تاریخ تک ملتوی کر دی گئی۔

چیمبر 9
پولیس

کراچی عدالت نے مقدمے کی سماعت کے دوران ملزم کو پیش کرنے کا حکم دیتے ہوئے آئندہ سماعت پر فریقین کو طلب کر لیا۔ عدالت نے تفتیشی افسر کو رپورٹ جمع کرانے کی ہدایت کی۔ وکیل صفائی نے دلائل دیتے ہوئے کہا کہ ملزم بے گناہ ہے اور اسے جھوٹے مقدمے میں ملوث کیا گیا ہے۔ سرکاری وکیل نے ضمانت کی مخالفت کی۔ عدالت نے دونوں جانب کے دلائل سننے کے بعد فیصلہ محفوظ کر لیا۔ مقدمے کی مزید سماعت آئندہ تاریخ تک ملتوی کر دی گئی۔

کراچی عدالت نے مقدمے کی سماعت کے دوران ملزم کو پیش کرنے کا حکم دیتے ہوئے آئندہ سماعت پر فریقین کو طلب کر لیا۔ عدالت نے تفتیشی افسر کو رپورٹ جمع کرانے کی ہدایت کی۔ وکیل صفائی نے دلائل دیتے ہوئے کہا کہ ملزم بے گناہ ہے اور اسے جھوٹے مقدمے میں ملوث کیا گیا ہے۔ سرکاری وکیل نے ضمانت کی مخالفت کی۔ عدالت نے دونوں جانب کے دلائل سننے کے بعد فیصلہ محفوظ کر لیا۔ مقدمے کی مزید سماعت آئندہ تاریخ تک ملتوی کر دی گئی۔

چیمبر 10
ملیر

کراچی عدالت نے مقدمے کی سماعت کے دوران ملزم کو پیش کرنے کا حکم دیتے ہوئے آئندہ سماعت پر فریقین کو طلب کر لیا۔ عدالت نے تفتیشی افسر کو رپورٹ جمع کرانے کی ہدایت کی۔ وکیل صفائی نے دلائل دیتے ہوئے کہا کہ ملزم بے گناہ ہے اور اسے جھوٹے مقدمے میں ملوث کیا گیا ہے۔ سرکاری وکیل نے ضمانت کی مخالفت کی۔ عدالت نے دونوں جانب کے دلائل سننے کے بعد فیصلہ محفوظ کر لیا۔ مقدمے کی مزید سماعت آئندہ تاریخ تک ملتوی کر دی گئی۔

کراچی عدالت نے مقدمے کی سماعت کے دوران ملزم کو پیش کرنے کا حکم دیتے ہوئے آئندہ سماعت پر فریقین کو طلب کر لیا۔ عدالت نے تفتیشی افسر کو رپورٹ جمع کرانے کی ہدایت کی۔ وکیل صفائی نے دلائل دیتے ہوئے کہا کہ ملزم بے گناہ ہے اور اسے جھوٹے مقدمے میں ملوث کیا گیا ہے۔ سرکاری وکیل نے ضمانت کی مخالفت کی۔ عدالت نے دونوں جانب کے دلائل سننے کے بعد فیصلہ محفوظ کر لیا۔ مقدمے کی مزید سماعت آئندہ تاریخ تک ملتوی کر دی گئی۔

چیمبر 11
مجسٹریٹ

کراچی عدالت نے مقدمے کی سماعت کے دوران ملزم کو پیش کرنے کا حکم دیتے ہوئے آئندہ سماعت پر فریقین کو طلب کر لیا۔ عدالت نے تفتیشی افسر کو رپورٹ جمع کرانے کی ہدایت کی۔ وکیل صفائی نے دلائل دیتے ہوئے کہا کہ ملزم بے گناہ ہے اور اسے جھوٹے مقدمے میں ملوث کیا گیا ہے۔ سرکاری وکیل نے ضمانت کی مخالفت کی۔ عدالت نے دونوں جانب کے دلائل سننے کے بعد فیصلہ محفوظ کر لیا۔ مقدمے کی مزید سماعت آئندہ تاریخ تک ملتوی کر دی گئی۔

کراچی عدالت نے مقدمے کی سماعت کے دوران ملزم کو پیش کرنے کا حکم دیتے ہوئے آئندہ سماعت پر فریقین کو طلب کر لیا۔ عدالت نے تفتیشی افسر کو رپورٹ جمع کرانے کی ہدایت کی۔ وکیل صفائی نے دلائل دیتے ہوئے کہا کہ ملزم بے گناہ ہے اور اسے جھوٹے مقدمے میں ملوث کیا گیا ہے۔ سرکاری وکیل نے ضمانت کی مخالفت کی۔ عدالت نے دونوں جانب کے دلائل سننے کے بعد فیصلہ محفوظ کر لیا۔ مقدمے کی مزید سماعت آئندہ تاریخ تک ملتوی کر دی گئی۔

چیمبر 1
انسداد دہشتگردی

کراچی عدالت نے مقدمے کی سماعت کے دوران ملزم کو پیش کرنے کا حکم دیتے ہوئے آئندہ سماعت پر فریقین کو طلب کر لیا۔ عدالت نے تفتیشی افسر کو رپورٹ جمع کرانے کی ہدایت کی۔ وکیل صفائی نے دلائل دیتے ہوئے کہا کہ ملزم بے گناہ ہے اور اسے جھوٹے مقدمے میں ملوث کیا گیا ہے۔ سرکاری وکیل نے ضمانت کی مخالفت کی۔ عدالت نے دونوں جانب کے دلائل سننے کے بعد فیصلہ محفوظ کر لیا۔ مقدمے کی مزید سماعت آئندہ تاریخ تک ملتوی کر دی گئی۔

کراچی عدالت نے مقدمے کی سماعت کے دوران ملزم کو پیش کرنے کا حکم دیتے ہوئے آئندہ سماعت پر فریقین کو طلب کر لیا۔ عدالت نے تفتیشی افسر کو رپورٹ جمع کرانے کی ہدایت کی۔ وکیل صفائی نے دلائل دیتے ہوئے کہا کہ ملزم بے گناہ ہے اور اسے جھوٹے مقدمے میں ملوث کیا گیا ہے۔ سرکاری وکیل نے ضمانت کی مخالفت کی۔ عدالت نے دونوں جانب کے دلائل سننے کے بعد فیصلہ محفوظ کر لیا۔ مقدمے کی مزید سماعت آئندہ تاریخ تک ملتوی کر دی گئی۔

کراچی عدالت نے مقدمے کی سماعت کے دوران ملزم کو پیش کرنے کا حکم دیتے ہوئے آئندہ سماعت پر فریقین کو طلب کر لیا۔ عدالت نے تفتیشی افسر کو رپورٹ جمع کرانے کی ہدایت کی۔ وکیل صفائی نے دلائل دیتے ہوئے کہا کہ ملزم بے گناہ ہے اور اسے جھوٹے مقدمے میں ملوث کیا گیا ہے۔ سرکاری وکیل نے ضمانت کی مخالفت کی۔ عدالت نے دونوں جانب کے دلائل سننے کے بعد فیصلہ محفوظ کر لیا۔ مقدمے کی مزید سماعت آئندہ تاریخ تک ملتوی کر دی گئی۔

کراچی عدالت نے مقدمے کی سماعت کے دوران ملزم کو پیش کرنے کا حکم دیتے ہوئے آئندہ سماعت پر فریقین کو طلب کر لیا۔ عدالت نے تفتیشی افسر کو رپورٹ جمع کرانے کی ہدایت کی۔ وکیل صفائی نے دلائل دیتے ہوئے کہا کہ ملزم بے گناہ ہے اور اسے جھوٹے مقدمے میں ملوث کیا گیا ہے۔ سرکاری وکیل نے ضمانت کی مخالفت کی۔ عدالت نے دونوں جانب کے دلائل سننے کے بعد فیصلہ محفوظ کر لیا۔ مقدمے کی مزید سماعت آئندہ تاریخ تک ملتوی کر دی گئی۔

کراچی عدالت نے مقدمے کی سماعت کے دوران ملزم کو پیش کرنے کا حکم دیتے ہوئے آئندہ سماعت پر فریقین کو طلب کر لیا۔ عدالت نے تفتیشی افسر کو رپورٹ جمع کرانے کی ہدایت کی۔ وکیل صفائی نے دلائل دیتے ہوئے کہا کہ ملزم بے گناہ ہے اور اسے جھوٹے مقدمے میں ملوث کیا گیا ہے۔ سرکاری وکیل نے ضمانت کی مخالفت کی۔ عدالت نے دونوں جانب کے دلائل سننے کے بعد فیصلہ محفوظ کر لیا۔ مقدمے کی مزید سماعت آئندہ تاریخ تک ملتوی کر دی گئی۔

چیمبر 2
جوڈیشل مجسٹریٹ

کراچی عدالت نے مقدمے کی سماعت کے دوران ملزم کو پیش کرنے کا حکم دیتے ہوئے آئندہ سماعت پر فریقین کو طلب کر لیا۔ عدالت نے تفتیشی افسر کو رپورٹ جمع کرانے کی ہدایت کی۔ وکیل صفائی نے دلائل دیتے ہوئے کہا کہ ملزم بے گناہ ہے اور اسے جھوٹے مقدمے میں ملوث کیا گیا ہے۔ سرکاری وکیل نے ضمانت کی مخالفت کی۔ عدالت نے دونوں جانب کے دلائل سننے کے بعد فیصلہ محفوظ کر لیا۔ مقدمے کی مزید سماعت آئندہ تاریخ تک ملتوی کر دی گئی۔

کراچی عدالت نے مقدمے کی سماعت کے دوران ملزم کو پیش کرنے کا حکم دیتے ہوئے آئندہ سماعت پر فریقین کو طلب کر لیا۔ عدالت نے تفتیشی افسر کو رپورٹ جمع کرانے کی ہدایت کی۔ وکیل صفائی نے دلائل دیتے ہوئے کہا کہ ملزم بے گناہ ہے اور اسے جھوٹے مقدمے میں ملوث کیا گیا ہے۔ سرکاری وکیل نے ضمانت کی مخالفت کی۔ عدالت نے دونوں جانب کے دلائل سننے کے بعد فیصلہ محفوظ کر لیا۔ مقدمے کی مزید سماعت آئندہ تاریخ تک ملتوی کر دی گئی۔

کراچی عدالت نے مقدمے کی سماعت کے دوران ملزم کو پیش کرنے کا حکم دیتے ہوئے آئندہ سماعت پر فریقین کو طلب کر لیا۔ عدالت نے تفتیشی افسر کو رپورٹ جمع کرانے کی ہدایت کی۔ وکیل صفائی نے دلائل دیتے ہوئے کہا کہ ملزم بے گناہ ہے اور اسے جھوٹے مقدمے میں ملوث کیا گیا ہے۔ سرکاری وکیل نے ضمانت کی مخالفت کی۔ عدالت نے دونوں جانب کے دلائل سننے کے بعد فیصلہ محفوظ کر لیا۔ مقدمے کی مزید سماعت آئندہ تاریخ تک ملتوی کر دی گئی۔

کراچی عدالت نے مقدمے کی سماعت کے دوران ملزم کو پیش کرنے کا حکم دیتے ہوئے آئندہ سماعت پر فریقین کو طلب کر لیا۔ عدالت نے تفتیشی افسر کو رپورٹ جمع کرانے کی ہدایت کی۔ وکیل صفائی نے دلائل دیتے ہوئے کہا کہ ملزم بے گناہ ہے اور اسے جھوٹے مقدمے میں ملوث کیا گیا ہے۔ سرکاری وکیل نے ضمانت کی مخالفت کی۔ عدالت نے دونوں جانب کے دلائل سننے کے بعد فیصلہ محفوظ کر لیا۔ مقدمے کی مزید سماعت آئندہ تاریخ تک ملتوی کر دی گئی۔

کراچی عدالت نے مقدمے کی سماعت کے دوران ملزم کو پیش کرنے کا حکم دیتے ہوئے آئندہ سماعت پر فریقین کو طلب کر لیا۔ عدالت نے تفتیشی افسر کو رپورٹ جمع کرانے کی ہدایت کی۔ وکیل صفائی نے دلائل دیتے ہوئے کہا کہ ملزم بے گناہ ہے اور اسے جھوٹے مقدمے میں ملوث کیا گیا ہے۔ سرکاری وکیل نے ضمانت کی مخالفت کی۔ عدالت نے دونوں جانب کے دلائل سننے کے بعد فیصلہ محفوظ کر لیا۔ مقدمے کی مزید سماعت آئندہ تاریخ تک ملتوی کر دی گئی۔

چیمبر 3
عدالت شرقی

کراچی عدالت نے مقدمے کی سماعت کے دوران ملزم کو پیش کرنے کا حکم دیتے ہوئے آئندہ سماعت پر فریقین کو طلب کر لیا۔ عدالت نے تفتیشی افسر کو رپورٹ جمع کرانے کی ہدایت کی۔ وکیل صفائی نے دلائل دیتے ہوئے کہا کہ ملزم بے گناہ ہے اور اسے جھوٹے مقدمے میں ملوث کیا گیا ہے۔ سرکاری وکیل نے ضمانت کی مخالفت کی۔ عدالت نے دونوں جانب کے دلائل سننے کے بعد فیصلہ محفوظ کر لیا۔ مقدمے کی مزید سماعت آئندہ تاریخ تک ملتوی کر دی گئی۔

کراچی عدالت نے مقدمے کی سماعت کے دوران ملزم کو پیش کرنے کا حکم دیتے ہوئے آئندہ سماعت پر فریقین کو طلب کر لیا۔ عدالت نے تفتیشی افسر کو رپورٹ جمع کرانے کی ہدایت کی۔ وکیل صفائی نے دلائل دیتے ہوئے کہا کہ ملزم بے گناہ ہے اور اسے جھوٹے مقدمے میں ملوث کیا گیا ہے۔ سرکاری وکیل نے ضمانت کی مخالفت کی۔ عدالت نے دونوں جانب کے دلائل سننے کے بعد فیصلہ محفوظ کر لیا۔ مقدمے کی مزید سماعت آئندہ تاریخ تک ملتوی کر دی گئی۔

کراچی عدالت نے مقدمے کی سماعت کے دوران ملزم کو پیش کرنے کا حکم دیتے ہوئے آئندہ سماعت پر فریقین کو طلب کر لیا۔ عدالت نے تفتیشی افسر کو رپورٹ جمع کرانے کی ہدایت کی۔ وکیل صفائی نے دلائل دیتے ہوئے کہا کہ ملزم بے گناہ ہے اور اسے جھوٹے مقدمے میں ملوث کیا گیا ہے۔ سرکاری وکیل نے ضمانت کی مخالفت کی۔ عدالت نے دونوں جانب کے دلائل سننے کے بعد فیصلہ محفوظ کر لیا۔ مقدمے کی مزید سماعت آئندہ تاریخ تک ملتوی کر دی گئی۔

کراچی عدالت نے مقدمے کی سماعت کے دوران ملزم کو پیش کرنے کا حکم دیتے ہوئے آئندہ سماعت پر فریقین کو طلب کر لیا۔ عدالت نے تفتیشی افسر کو رپورٹ جمع کرانے کی ہدایت کی۔ وکیل صفائی نے دلائل دیتے ہوئے کہا کہ ملزم بے گناہ ہے اور اسے جھوٹے مقدمے میں ملوث کیا گیا ہے۔ سرکاری وکیل نے ضمانت کی مخالفت کی۔ عدالت نے دونوں جانب کے دلائل سننے کے بعد فیصلہ محفوظ کر لیا۔ مقدمے کی مزید سماعت آئندہ تاریخ تک ملتوی کر دی گئی۔

کراچی عدالت نے مقدمے کی سماعت کے دوران ملزم کو پیش کرنے کا حکم دیتے ہوئے آئندہ سماعت پر فریقین کو طلب کر لیا۔ عدالت نے تفتیشی افسر کو رپورٹ جمع کرانے کی ہدایت کی۔ وکیل صفائی نے دلائل دیتے ہوئے کہا کہ ملزم بے گناہ ہے اور اسے جھوٹے مقدمے میں ملوث کیا گیا ہے۔ سرکاری وکیل نے ضمانت کی مخالفت کی۔ عدالت نے دونوں جانب کے دلائل سننے کے بعد فیصلہ محفوظ کر لیا۔ مقدمے کی مزید سماعت آئندہ تاریخ تک ملتوی کر دی گئی۔
